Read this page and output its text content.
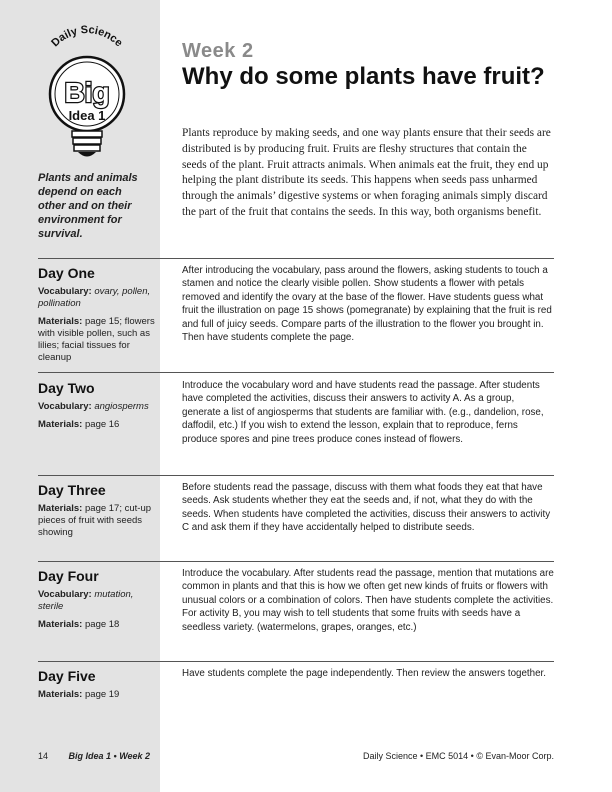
Daily Science
Big
Idea 1
Plants and animals depend on each other and on their environment for survival.
Week 2
Why do some plants have fruit?
Plants reproduce by making seeds, and one way plants ensure that their seeds are distributed is by producing fruit. Fruits are fleshy structures that contain the seeds of the plant. Fruit attracts animals. When animals eat the fruit, they end up helping the plant distribute its seeds. This happens when seeds pass unharmed through the animals’ digestive systems or when foraging animals simply discard the part of the fruit that contains the seeds. In this way, both organisms benefit.
Day One
Vocabulary: ovary, pollen, pollination
Materials: page 15; flowers with visible pollen, such as lilies; facial tissues for cleanup
After introducing the vocabulary, pass around the flowers, asking students to touch a stamen and notice the clearly visible pollen. Show students a flower with petals removed and identify the ovary at the base of the flower. Have students guess what fruit the illustration on page 15 shows (pomegranate) by explaining that the fruit is red and full of juicy seeds. Compare parts of the illustration to the flower you brought in. Then have students complete the page.
Day Two
Vocabulary: angiosperms
Materials: page 16
Introduce the vocabulary word and have students read the passage. After students have completed the activities, discuss their answers to activity A. As a group, generate a list of angiosperms that students are familiar with. (e.g., dandelion, rose, daffodil, etc.) If you wish to extend the lesson, explain that to reproduce, ferns produce spores and pine trees produce cones instead of flowers.
Day Three
Materials: page 17; cut-up pieces of fruit with seeds showing
Before students read the passage, discuss with them what foods they eat that have seeds. Ask students whether they eat the seeds and, if not, what they do with the seeds. When students have completed the activities, discuss their answers to activity C and ask them if they have accidentally helped to distribute seeds.
Day Four
Vocabulary: mutation, sterile
Materials: page 18
Introduce the vocabulary. After students read the passage, mention that mutations are common in plants and that this is how we often get new kinds of fruits or flowers with unusual colors or a combination of colors. Then have students complete the activities. For activity B, you may wish to tell students that some fruits with seeds have a seedless variety. (watermelons, grapes, oranges, etc.)
Day Five
Materials: page 19
Have students complete the page independently. Then review the answers together.
14 Big Idea 1 • Week 2	Daily Science • EMC 5014 • © Evan-Moor Corp.
